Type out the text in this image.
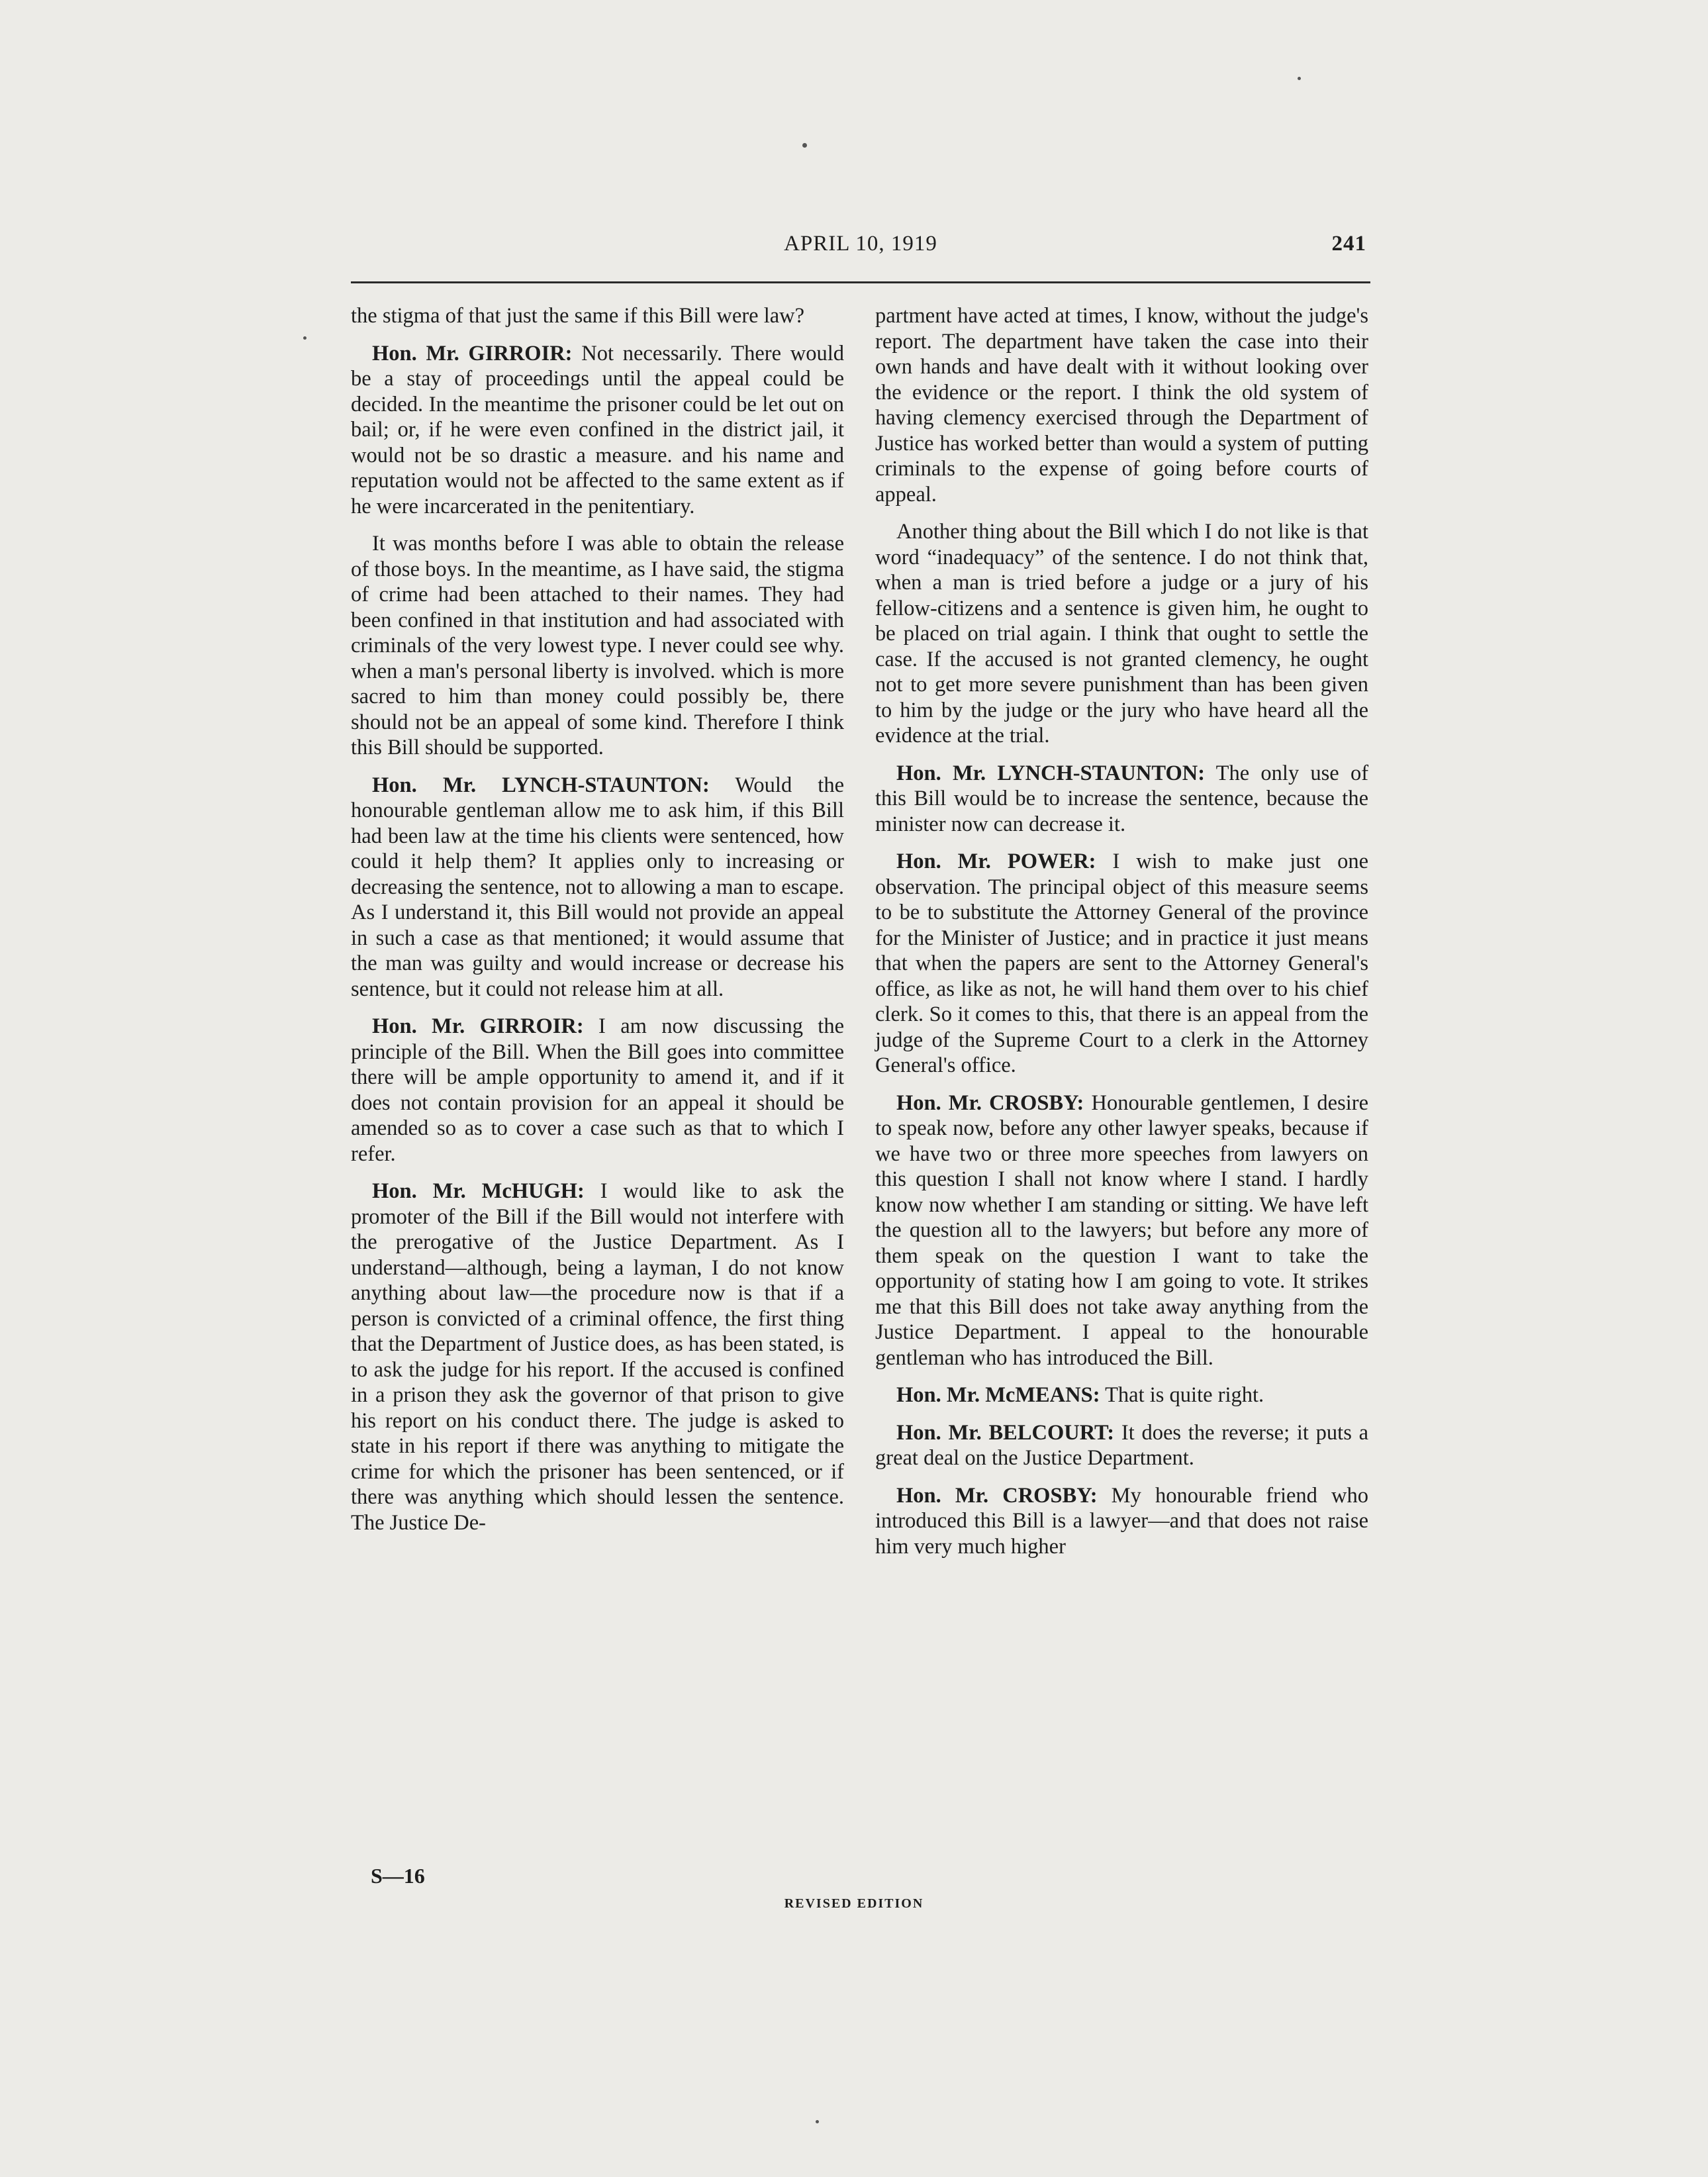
APRIL 10, 1919	241

the stigma of that just the same if this Bill were law?

Hon. Mr. GIRROIR: Not necessarily. There would be a stay of proceedings until the appeal could be decided. In the meantime the prisoner could be let out on bail; or, if he were even confined in the district jail, it would not be so drastic a measure. and his name and reputation would not be affected to the same extent as if he were incarcerated in the penitentiary.

It was months before I was able to obtain the release of those boys. In the meantime, as I have said, the stigma of crime had been attached to their names. They had been confined in that institution and had associated with criminals of the very lowest type. I never could see why. when a man's personal liberty is involved. which is more sacred to him than money could possibly be, there should not be an appeal of some kind. Therefore I think this Bill should be supported.

Hon. Mr. LYNCH-STAUNTON: Would the honourable gentleman allow me to ask him, if this Bill had been law at the time his clients were sentenced, how could it help them? It applies only to increasing or decreasing the sentence, not to allowing a man to escape. As I understand it, this Bill would not provide an appeal in such a case as that mentioned; it would assume that the man was guilty and would increase or decrease his sentence, but it could not release him at all.

Hon. Mr. GIRROIR: I am now discussing the principle of the Bill. When the Bill goes into committee there will be ample opportunity to amend it, and if it does not contain provision for an appeal it should be amended so as to cover a case such as that to which I refer.

Hon. Mr. McHUGH: I would like to ask the promoter of the Bill if the Bill would not interfere with the prerogative of the Justice Department. As I understand—although, being a layman, I do not know anything about law—the procedure now is that if a person is convicted of a criminal offence, the first thing that the Department of Justice does, as has been stated, is to ask the judge for his report. If the accused is confined in a prison they ask the governor of that prison to give his report on his conduct there. The judge is asked to state in his report if there was anything to mitigate the crime for which the prisoner has been sentenced, or if there was anything which should lessen the sentence. The Justice De-

partment have acted at times, I know, without the judge's report. The department have taken the case into their own hands and have dealt with it without looking over the evidence or the report. I think the old system of having clemency exercised through the Department of Justice has worked better than would a system of putting criminals to the expense of going before courts of appeal.

Another thing about the Bill which I do not like is that word “inadequacy” of the sentence. I do not think that, when a man is tried before a judge or a jury of his fellow-citizens and a sentence is given him, he ought to be placed on trial again. I think that ought to settle the case. If the accused is not granted clemency, he ought not to get more severe punishment than has been given to him by the judge or the jury who have heard all the evidence at the trial.

Hon. Mr. LYNCH-STAUNTON: The only use of this Bill would be to increase the sentence, because the minister now can decrease it.

Hon. Mr. POWER: I wish to make just one observation. The principal object of this measure seems to be to substitute the Attorney General of the province for the Minister of Justice; and in practice it just means that when the papers are sent to the Attorney General's office, as like as not, he will hand them over to his chief clerk. So it comes to this, that there is an appeal from the judge of the Supreme Court to a clerk in the Attorney General's office.

Hon. Mr. CROSBY: Honourable gentlemen, I desire to speak now, before any other lawyer speaks, because if we have two or three more speeches from lawyers on this question I shall not know where I stand. I hardly know now whether I am standing or sitting. We have left the question all to the lawyers; but before any more of them speak on the question I want to take the opportunity of stating how I am going to vote. It strikes me that this Bill does not take away anything from the Justice Department. I appeal to the honourable gentleman who has introduced the Bill.

Hon. Mr. McMEANS: That is quite right.

Hon. Mr. BELCOURT: It does the reverse; it puts a great deal on the Justice Department.

Hon. Mr. CROSBY: My honourable friend who introduced this Bill is a lawyer—and that does not raise him very much higher

S—16
REVISED EDITION
